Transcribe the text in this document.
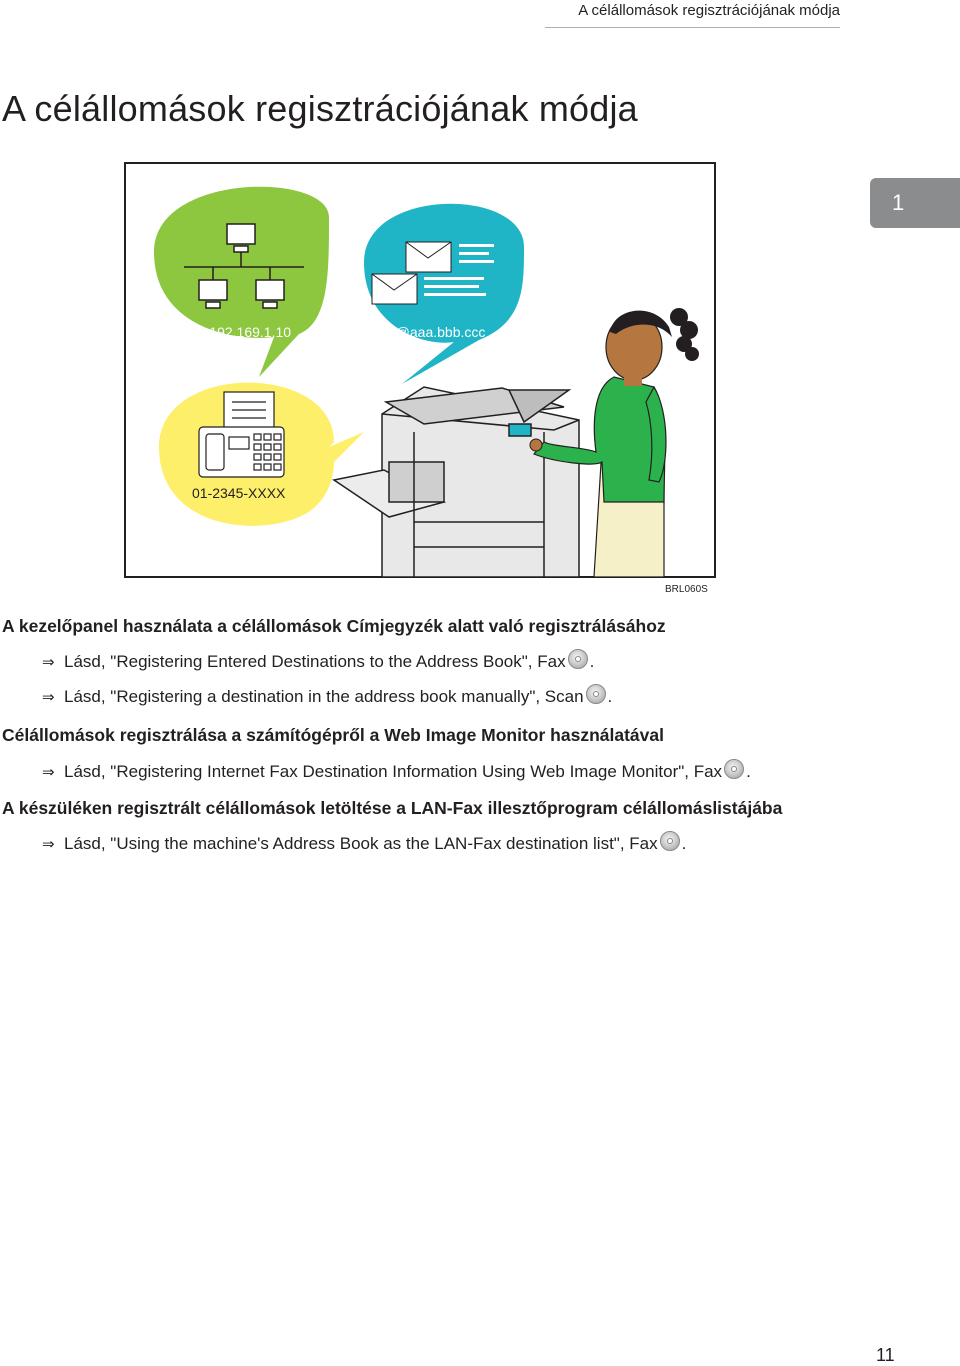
A célállomások regisztrációjának módja
A célállomások regisztrációjának módja
1
IP.192.169.1.10	XX@aaa.bbb.ccc
01-2345-XXXX
BRL060S
A kezelőpanel használata a célállomások Címjegyzék alatt való regisztrálásához
⇒ Lásd, "Registering Entered Destinations to the Address Book", Fax .
⇒ Lásd, "Registering a destination in the address book manually", Scan .
Célállomások regisztrálása a számítógépről a Web Image Monitor használatával
⇒ Lásd, "Registering Internet Fax Destination Information Using Web Image Monitor", Fax .
A készüléken regisztrált célállomások letöltése a LAN-Fax illesztőprogram célállomáslistájába
⇒ Lásd, "Using the machine's Address Book as the LAN-Fax destination list", Fax .
11
